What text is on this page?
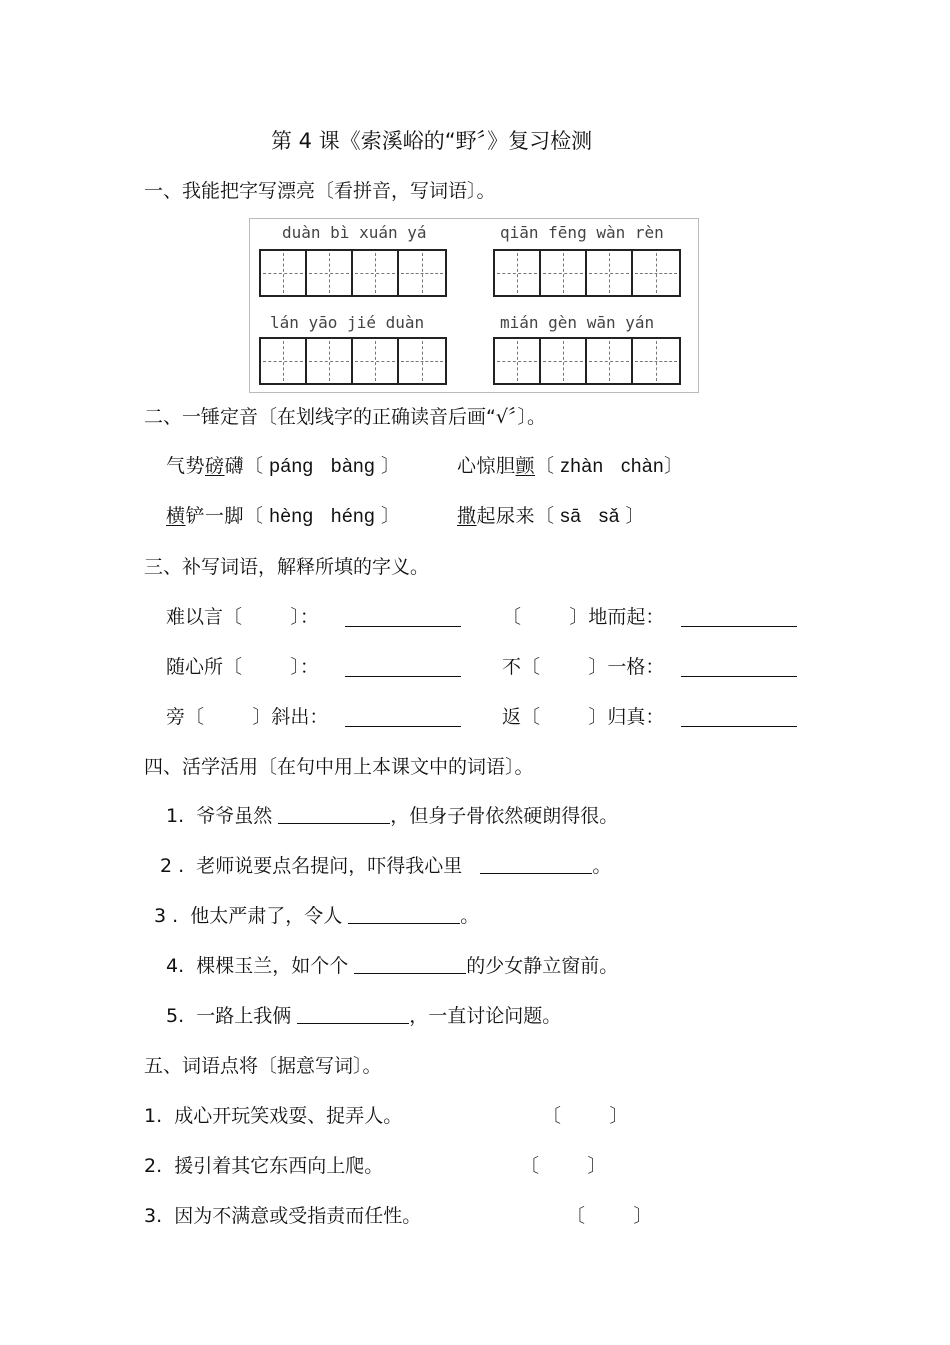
第 4 课《索溪峪的“野〞》复习检测
一、我能把字写漂亮〔看拼音，写词语〕。
duàn bì xuán yá	qiān fēng wàn rèn
lán yāo jié duàn	mián gèn wān yán
二、一锤定音〔在划线字的正确读音后画“√〞〕。
气势磅礴〔 páng   bàng 〕	心惊胆颤〔 zhàn   chàn〕
横铲一脚〔 hèng   héng 〕	撒起尿来〔 sā   sǎ 〕
三、补写词语，解释所填的字义。
难以言〔        〕：	〔        〕地而起：
随心所〔        〕：	不〔        〕一格：
旁〔        〕斜出：	返〔        〕归真：
四、活学活用〔在句中用上本课文中的词语〕。
1.  爷爷虽然	，但身子骨依然硬朗得很。
2 .  老师说要点名提问，吓得我心里	。
3 .  他太严肃了，令人	。
4.  棵棵玉兰，如个个	的少女静立窗前。
5.  一路上我俩	，一直讨论问题。
五、词语点将〔据意写词〕。
1.  成心开玩笑戏耍、捉弄人。	〔        〕
2.  援引着其它东西向上爬。	〔        〕
3.  因为不满意或受指责而任性。	〔        〕
